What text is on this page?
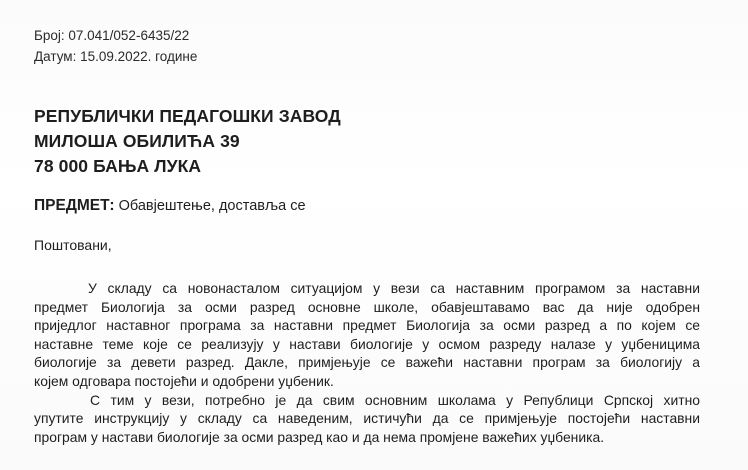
Број: 07.041/052-6435/22
Датум: 15.09.2022. године
РЕПУБЛИЧКИ ПЕДАГОШКИ ЗАВОД
МИЛОША ОБИЛИЋА 39
78 000 БАЊА ЛУКА
ПРЕДМЕТ: Обавјештење, доставља се
Поштовани,
У складу са новонасталом ситуацијом у вези са наставним програмом за наставни
предмет Биологија за осми разред основне школе, обавјештавамо вас да није одобрен
приједлог наставног програма за наставни предмет Биологија за осми разред а по којем се
наставне теме које се реализују у настави биологије у осмом разреду налазе у уџбеницима
биологије за девети разред. Дакле, примјењује се важећи наставни програм за биологију а
којем одговара постојећи и одобрени уџбеник.
С тим у вези, потребно је да свим основним школама у Републици Српској хитно
упутите инструкцију у складу са наведеним, истичући да се примјењује постојећи наставни
програм у настави биологије за осми разред као и да нема промјене важећих уџбеника.
